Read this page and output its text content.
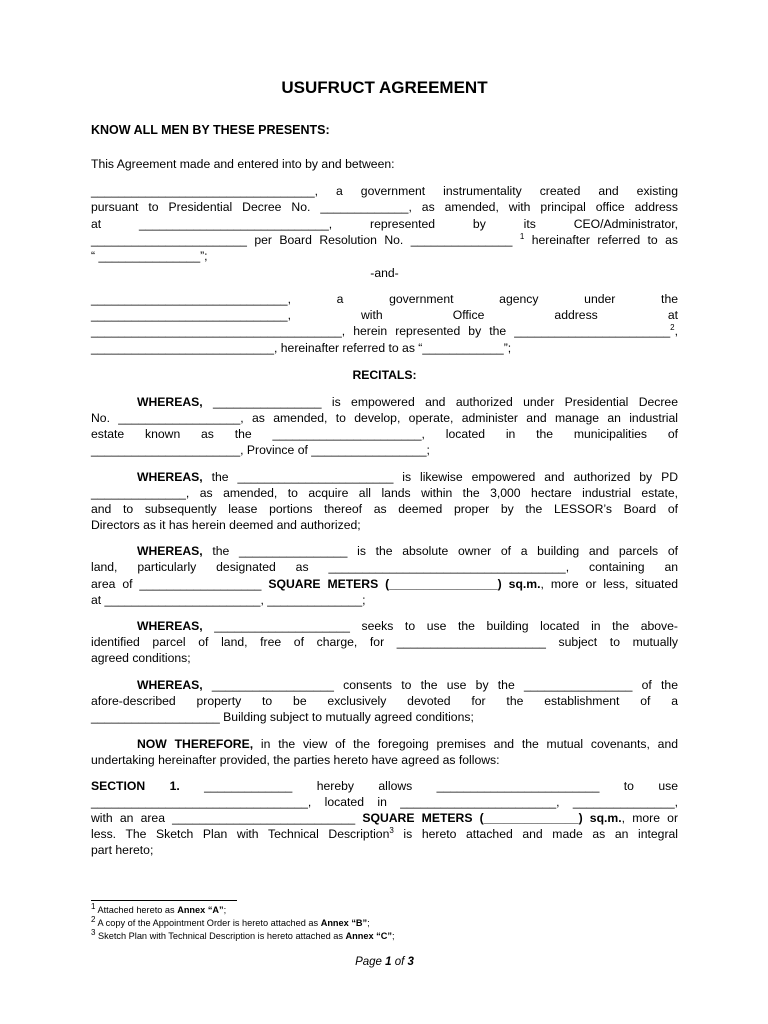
USUFRUCT AGREEMENT
KNOW ALL MEN BY THESE PRESENTS:
This Agreement made and entered into by and between:
_________________________________, a government instrumentality created and existing
pursuant to Presidential Decree No. _____________, as amended, with principal office address
at ____________________________, represented by its CEO/Administrator,
_______________________ per Board Resolution No. _______________ $^1$ hereinafter referred to as
“ _______________”;
-and-
_____________________________, a government agency under the
_____________________________, with Office address at
_____________________________________, herein represented by the _______________________$^2$,
___________________________, hereinafter referred to as “____________”;
RECITALS:
WHEREAS, ________________ is empowered and authorized under Presidential Decree
No. __________________, as amended, to develop, operate, administer and manage an industrial
estate known as the ______________________, located in the municipalities of
______________________, Province of _________________;
WHEREAS, the _______________________ is likewise empowered and authorized by PD
______________, as amended, to acquire all lands within the 3,000 hectare industrial estate,
and to subsequently lease portions thereof as deemed proper by the LESSOR’s Board of
Directors as it has herein deemed and authorized;
WHEREAS, the ________________ is the absolute owner of a building and parcels of
land, particularly designated as ___________________________________, containing an
area of __________________ SQUARE METERS (________________) sq.m., more or less, situated
at _______________________, ______________;
WHEREAS, ____________________ seeks to use the building located in the above-
identified parcel of land, free of charge, for ______________________ subject to mutually
agreed conditions;
WHEREAS, __________________ consents to the use by the ________________ of the
afore-described property to be exclusively devoted for the establishment of a
___________________ Building subject to mutually agreed conditions;
NOW THEREFORE, in the view of the foregoing premises and the mutual covenants, and
undertaking hereinafter provided, the parties hereto have agreed as follows:
SECTION 1. _____________ hereby allows ________________________ to use
________________________________, located in _______________________, _______________,
with an area ___________________________ SQUARE METERS (______________) sq.m., more or
less. The Sketch Plan with Technical Description$^3$ is hereto attached and made as an integral
part hereto;
$^1$ Attached hereto as Annex “A”;
$^2$ A copy of the Appointment Order is hereto attached as Annex “B”;
$^3$ Sketch Plan with Technical Description is hereto attached as Annex “C”;
Page 1 of 3
